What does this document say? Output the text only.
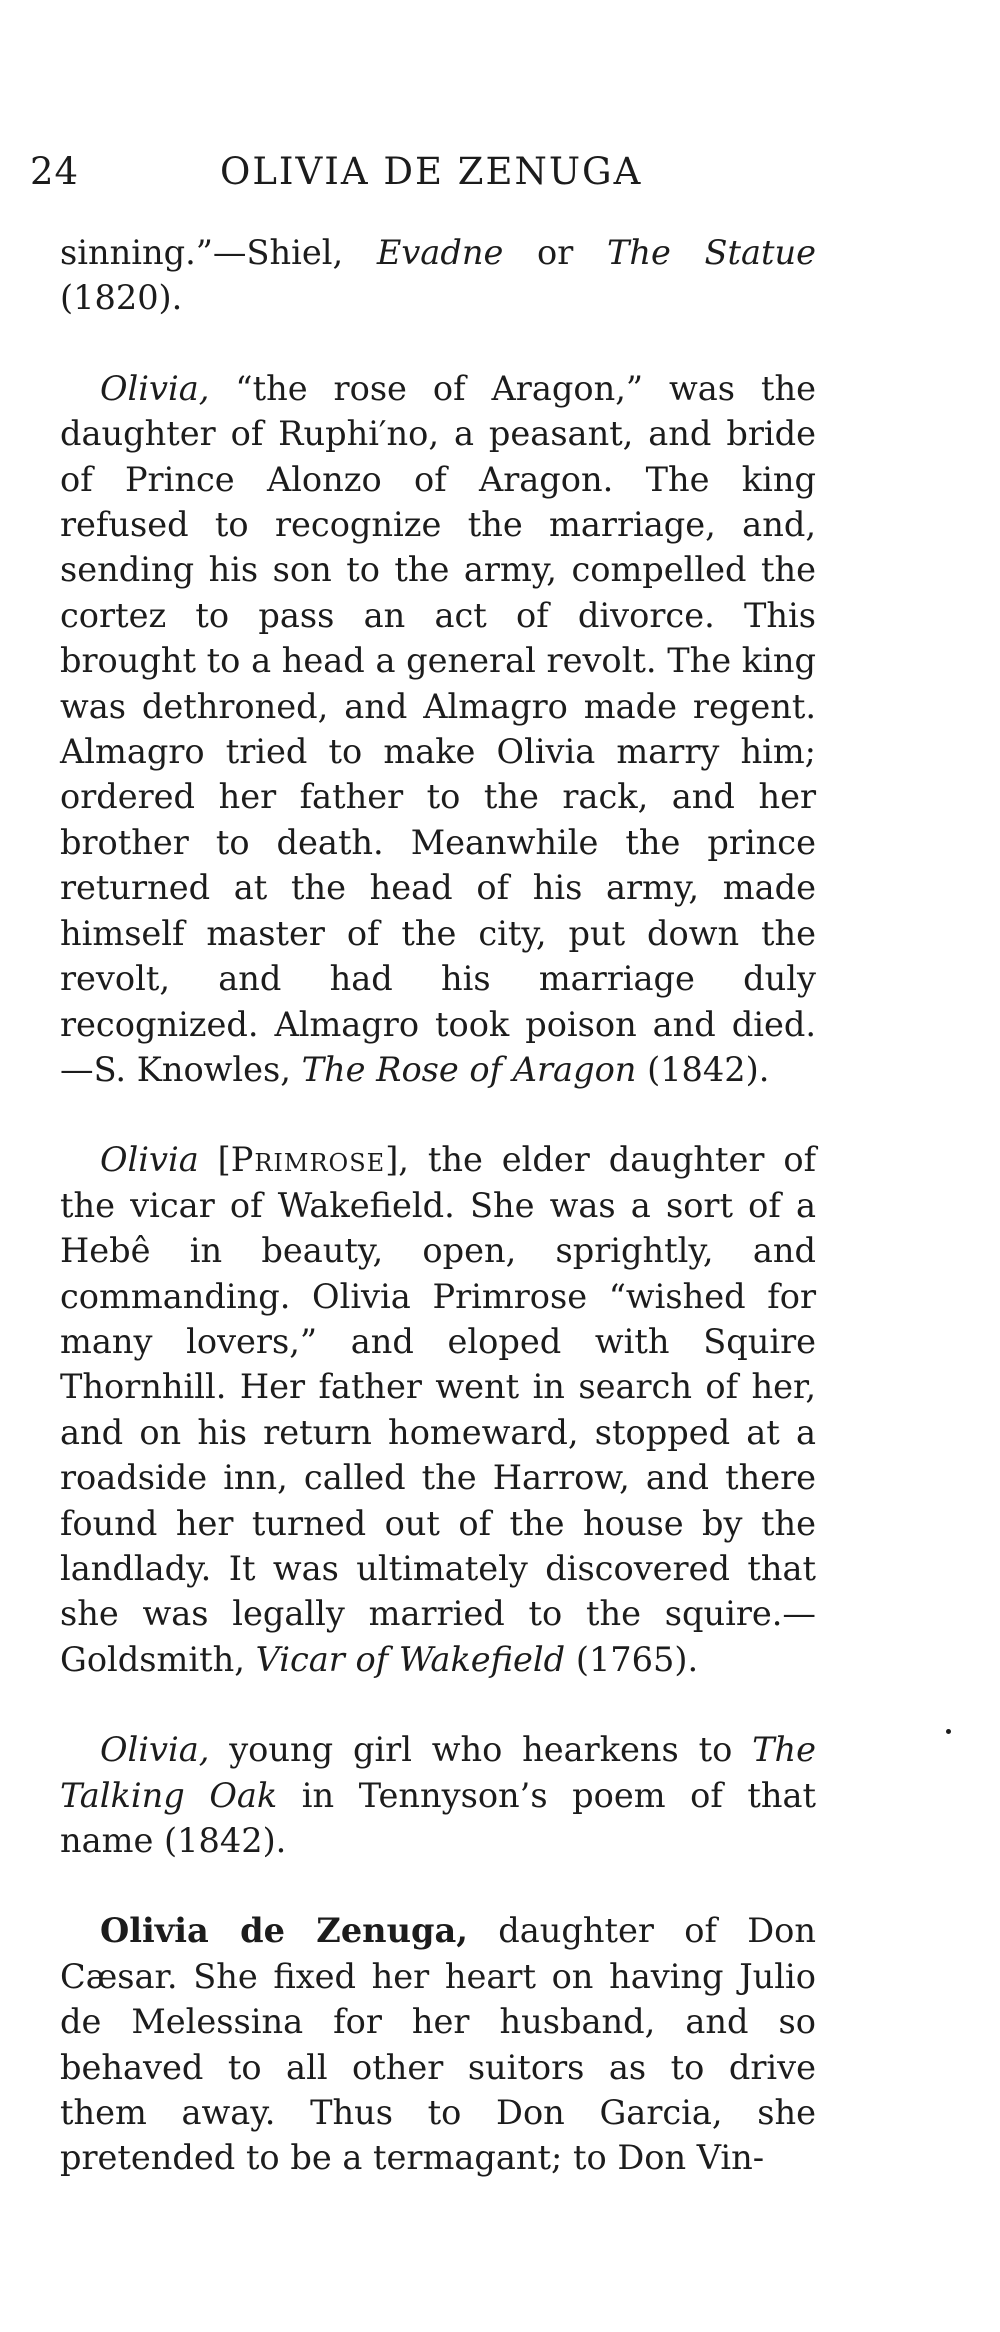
24	OLIVIA DE ZENUGA

sinning.”—Shiel, Evadne or The Statue (1820).

Olivia, “the rose of Aragon,” was the daughter of Ruphi′no, a peasant, and bride of Prince Alonzo of Aragon. The king refused to recognize the marriage, and, sending his son to the army, compelled the cortez to pass an act of divorce. This brought to a head a general revolt. The king was dethroned, and Almagro made regent. Almagro tried to make Olivia marry him; ordered her father to the rack, and her brother to death. Meanwhile the prince returned at the head of his army, made himself master of the city, put down the revolt, and had his marriage duly recognized. Almagro took poison and died.—S. Knowles, The Rose of Aragon (1842).

Olivia [Primrose], the elder daughter of the vicar of Wakefield. She was a sort of a Hebê in beauty, open, sprightly, and commanding. Olivia Primrose “wished for many lovers,” and eloped with Squire Thornhill. Her father went in search of her, and on his return homeward, stopped at a roadside inn, called the Harrow, and there found her turned out of the house by the landlady. It was ultimately discovered that she was legally married to the squire.—Goldsmith, Vicar of Wakefield (1765).

Olivia, young girl who hearkens to The Talking Oak in Tennyson’s poem of that name (1842).

Olivia de Zenuga, daughter of Don Cæsar. She fixed her heart on having Julio de Melessina for her husband, and so behaved to all other suitors as to drive them away. Thus to Don Garcia, she pretended to be a termagant; to Don Vin-
